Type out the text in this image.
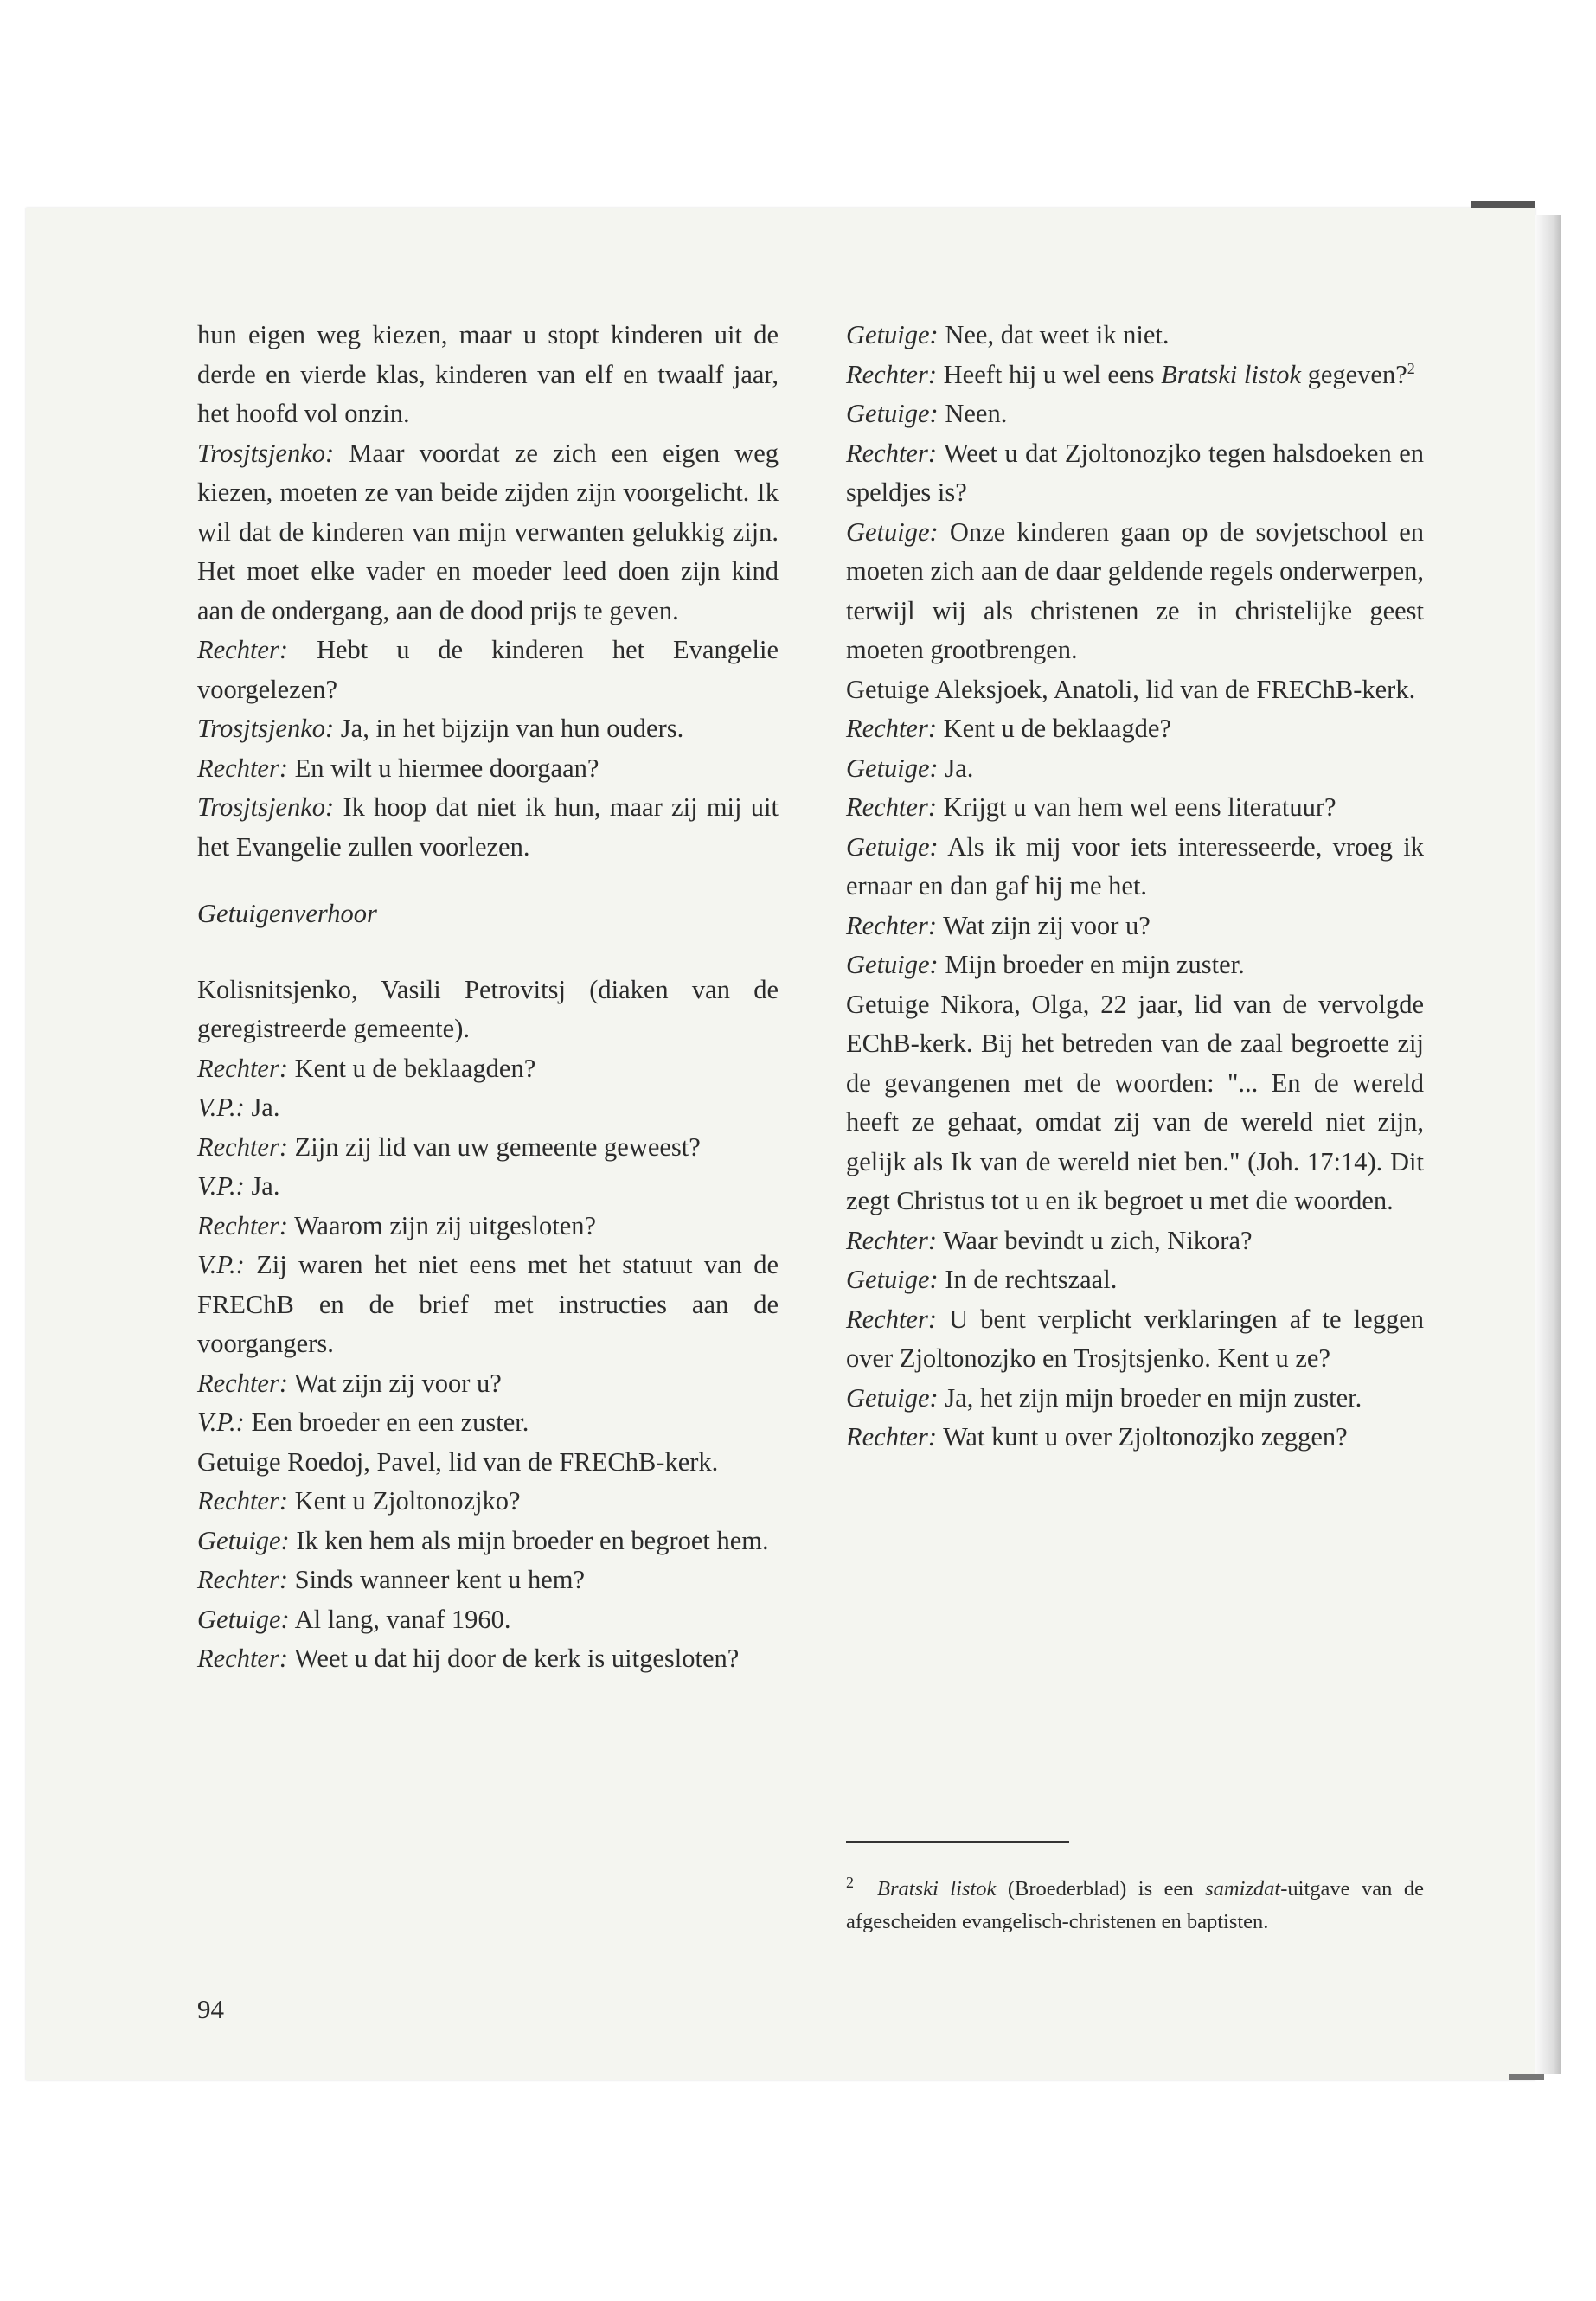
hun eigen weg kiezen, maar u stopt kinderen uit de derde en vierde klas, kinderen van elf en twaalf jaar, het hoofd vol onzin.

Trosjtsjenko: Maar voordat ze zich een eigen weg kiezen, moeten ze van beide zijden zijn voorgelicht. Ik wil dat de kinderen van mijn verwanten gelukkig zijn. Het moet elke vader en moeder leed doen zijn kind aan de ondergang, aan de dood prijs te geven.

Rechter: Hebt u de kinderen het Evangelie voorgelezen?

Trosjtsjenko: Ja, in het bijzijn van hun ouders.

Rechter: En wilt u hiermee doorgaan?

Trosjtsjenko: Ik hoop dat niet ik hun, maar zij mij uit het Evangelie zullen voorlezen.

Getuigenverhoor

Kolisnitsjenko, Vasili Petrovitsj (diaken van de geregistreerde gemeente).

Rechter: Kent u de beklaagden?

V.P.: Ja.

Rechter: Zijn zij lid van uw gemeente geweest?

V.P.: Ja.

Rechter: Waarom zijn zij uitgesloten?

V.P.: Zij waren het niet eens met het statuut van de FREChB en de brief met instructies aan de voorgangers.

Rechter: Wat zijn zij voor u?

V.P.: Een broeder en een zuster.

Getuige Roedoj, Pavel, lid van de FREChB-kerk.

Rechter: Kent u Zjoltonozjko?

Getuige: Ik ken hem als mijn broeder en begroet hem.

Rechter: Sinds wanneer kent u hem?

Getuige: Al lang, vanaf 1960.

Rechter: Weet u dat hij door de kerk is uitgesloten?

Getuige: Nee, dat weet ik niet.

Rechter: Heeft hij u wel eens Bratski listok gegeven?$^2$

Getuige: Neen.

Rechter: Weet u dat Zjoltonozjko tegen halsdoeken en speldjes is?

Getuige: Onze kinderen gaan op de sovjetschool en moeten zich aan de daar geldende regels onderwerpen, terwijl wij als christenen ze in christelijke geest moeten grootbrengen.

Getuige Aleksjoek, Anatoli, lid van de FREChB-kerk.

Rechter: Kent u de beklaagde?

Getuige: Ja.

Rechter: Krijgt u van hem wel eens literatuur?

Getuige: Als ik mij voor iets interesseerde, vroeg ik ernaar en dan gaf hij me het.

Rechter: Wat zijn zij voor u?

Getuige: Mijn broeder en mijn zuster.

Getuige Nikora, Olga, 22 jaar, lid van de vervolgde EChB-kerk. Bij het betreden van de zaal begroette zij de gevangenen met de woorden: "... En de wereld heeft ze gehaat, omdat zij van de wereld niet zijn, gelijk als Ik van de wereld niet ben." (Joh. 17:14). Dit zegt Christus tot u en ik begroet u met die woorden.

Rechter: Waar bevindt u zich, Nikora?

Getuige: In de rechtszaal.

Rechter: U bent verplicht verklaringen af te leggen over Zjoltonozjko en Trosjtsjenko. Kent u ze?

Getuige: Ja, het zijn mijn broeder en mijn zuster.

Rechter: Wat kunt u over Zjoltonozjko zeggen?

$^2$ Bratski listok (Broederblad) is een samizdat-uitgave van de afgescheiden evangelisch-christenen en baptisten.

94
